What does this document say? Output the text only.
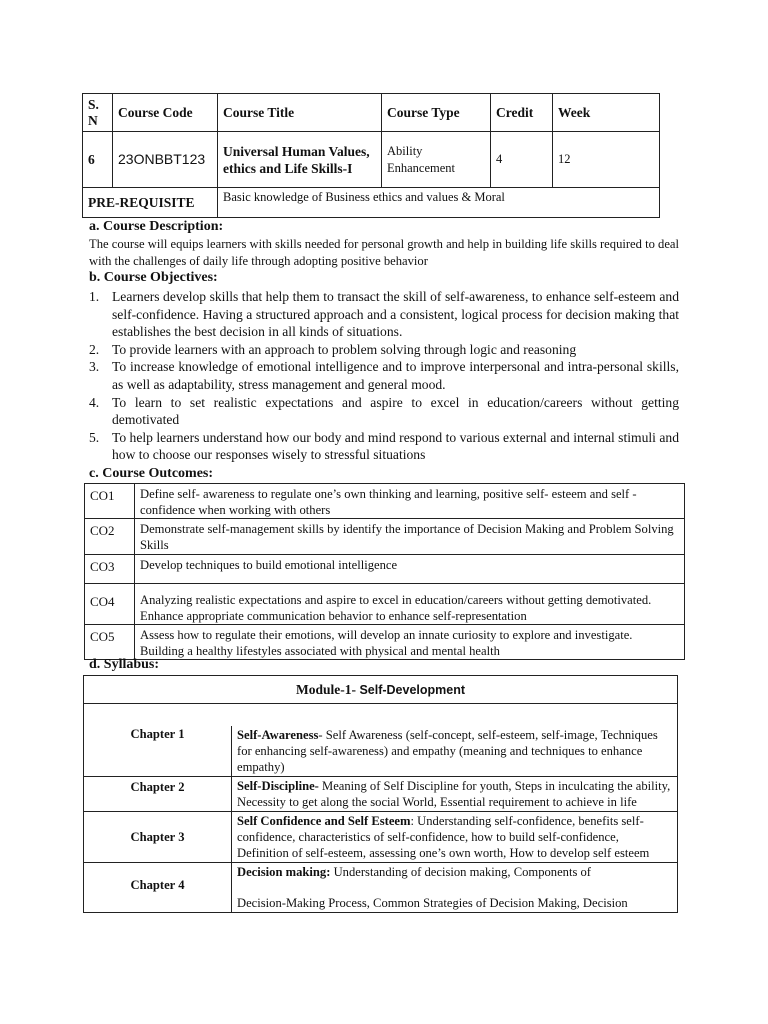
S.
N	Course Code	Course Title	Course Type	Credit	Week
6	23ONBBT123	Universal Human Values, ethics and Life Skills-I	Ability Enhancement	4	12
PRE-REQUISITE		Basic knowledge of Business ethics and values & Moral			
a. Course Description:
The course will equips learners with skills needed for personal growth and help in building life skills required to deal with the challenges of daily life through adopting positive behavior
b. Course Objectives:
1. Learners develop skills that help them to transact the skill of self-awareness, to enhance self-esteem and self-confidence. Having a structured approach and a consistent, logical process for decision making that establishes the best decision in all kinds of situations.
2. To provide learners with an approach to problem solving through logic and reasoning
3. To increase knowledge of emotional intelligence and to improve interpersonal and intra-personal skills, as well as adaptability, stress management and general mood.
4. To learn to set realistic expectations and aspire to excel in education/careers without getting demotivated
5. To help learners understand how our body and mind respond to various external and internal stimuli and how to choose our responses wisely to stressful situations
c. Course Outcomes:
CO1	Define self- awareness to regulate one’s own thinking and learning, positive self- esteem and self -confidence when working with others
CO2	Demonstrate self-management skills by identify the importance of Decision Making and Problem Solving Skills
CO3	Develop techniques to build emotional intelligence
CO4	Analyzing realistic expectations and aspire to excel in education/careers without getting demotivated. Enhance appropriate communication behavior to enhance self-representation
CO5	Assess how to regulate their emotions, will develop an innate curiosity to explore and investigate. Building a healthy lifestyles associated with physical and mental health
d. Syllabus:
Module-1- Self-Development	

Chapter 1	Self-Awareness- Self Awareness (self-concept, self-esteem, self-image, Techniques for enhancing self-awareness) and empathy (meaning and techniques to enhance empathy)
Chapter 2	Self-Discipline- Meaning of Self Discipline for youth, Steps in inculcating the ability, Necessity to get along the social World, Essential requirement to achieve in life
Chapter 3	Self Confidence and Self Esteem: Understanding self-confidence, benefits self-confidence, characteristics of self-confidence, how to build self-confidence, Definition of self-esteem, assessing one’s own worth, How to develop self esteem
Chapter 4	Decision making: Understanding of decision making, Components of
Decision-Making Process, Common Strategies of Decision Making, Decision
